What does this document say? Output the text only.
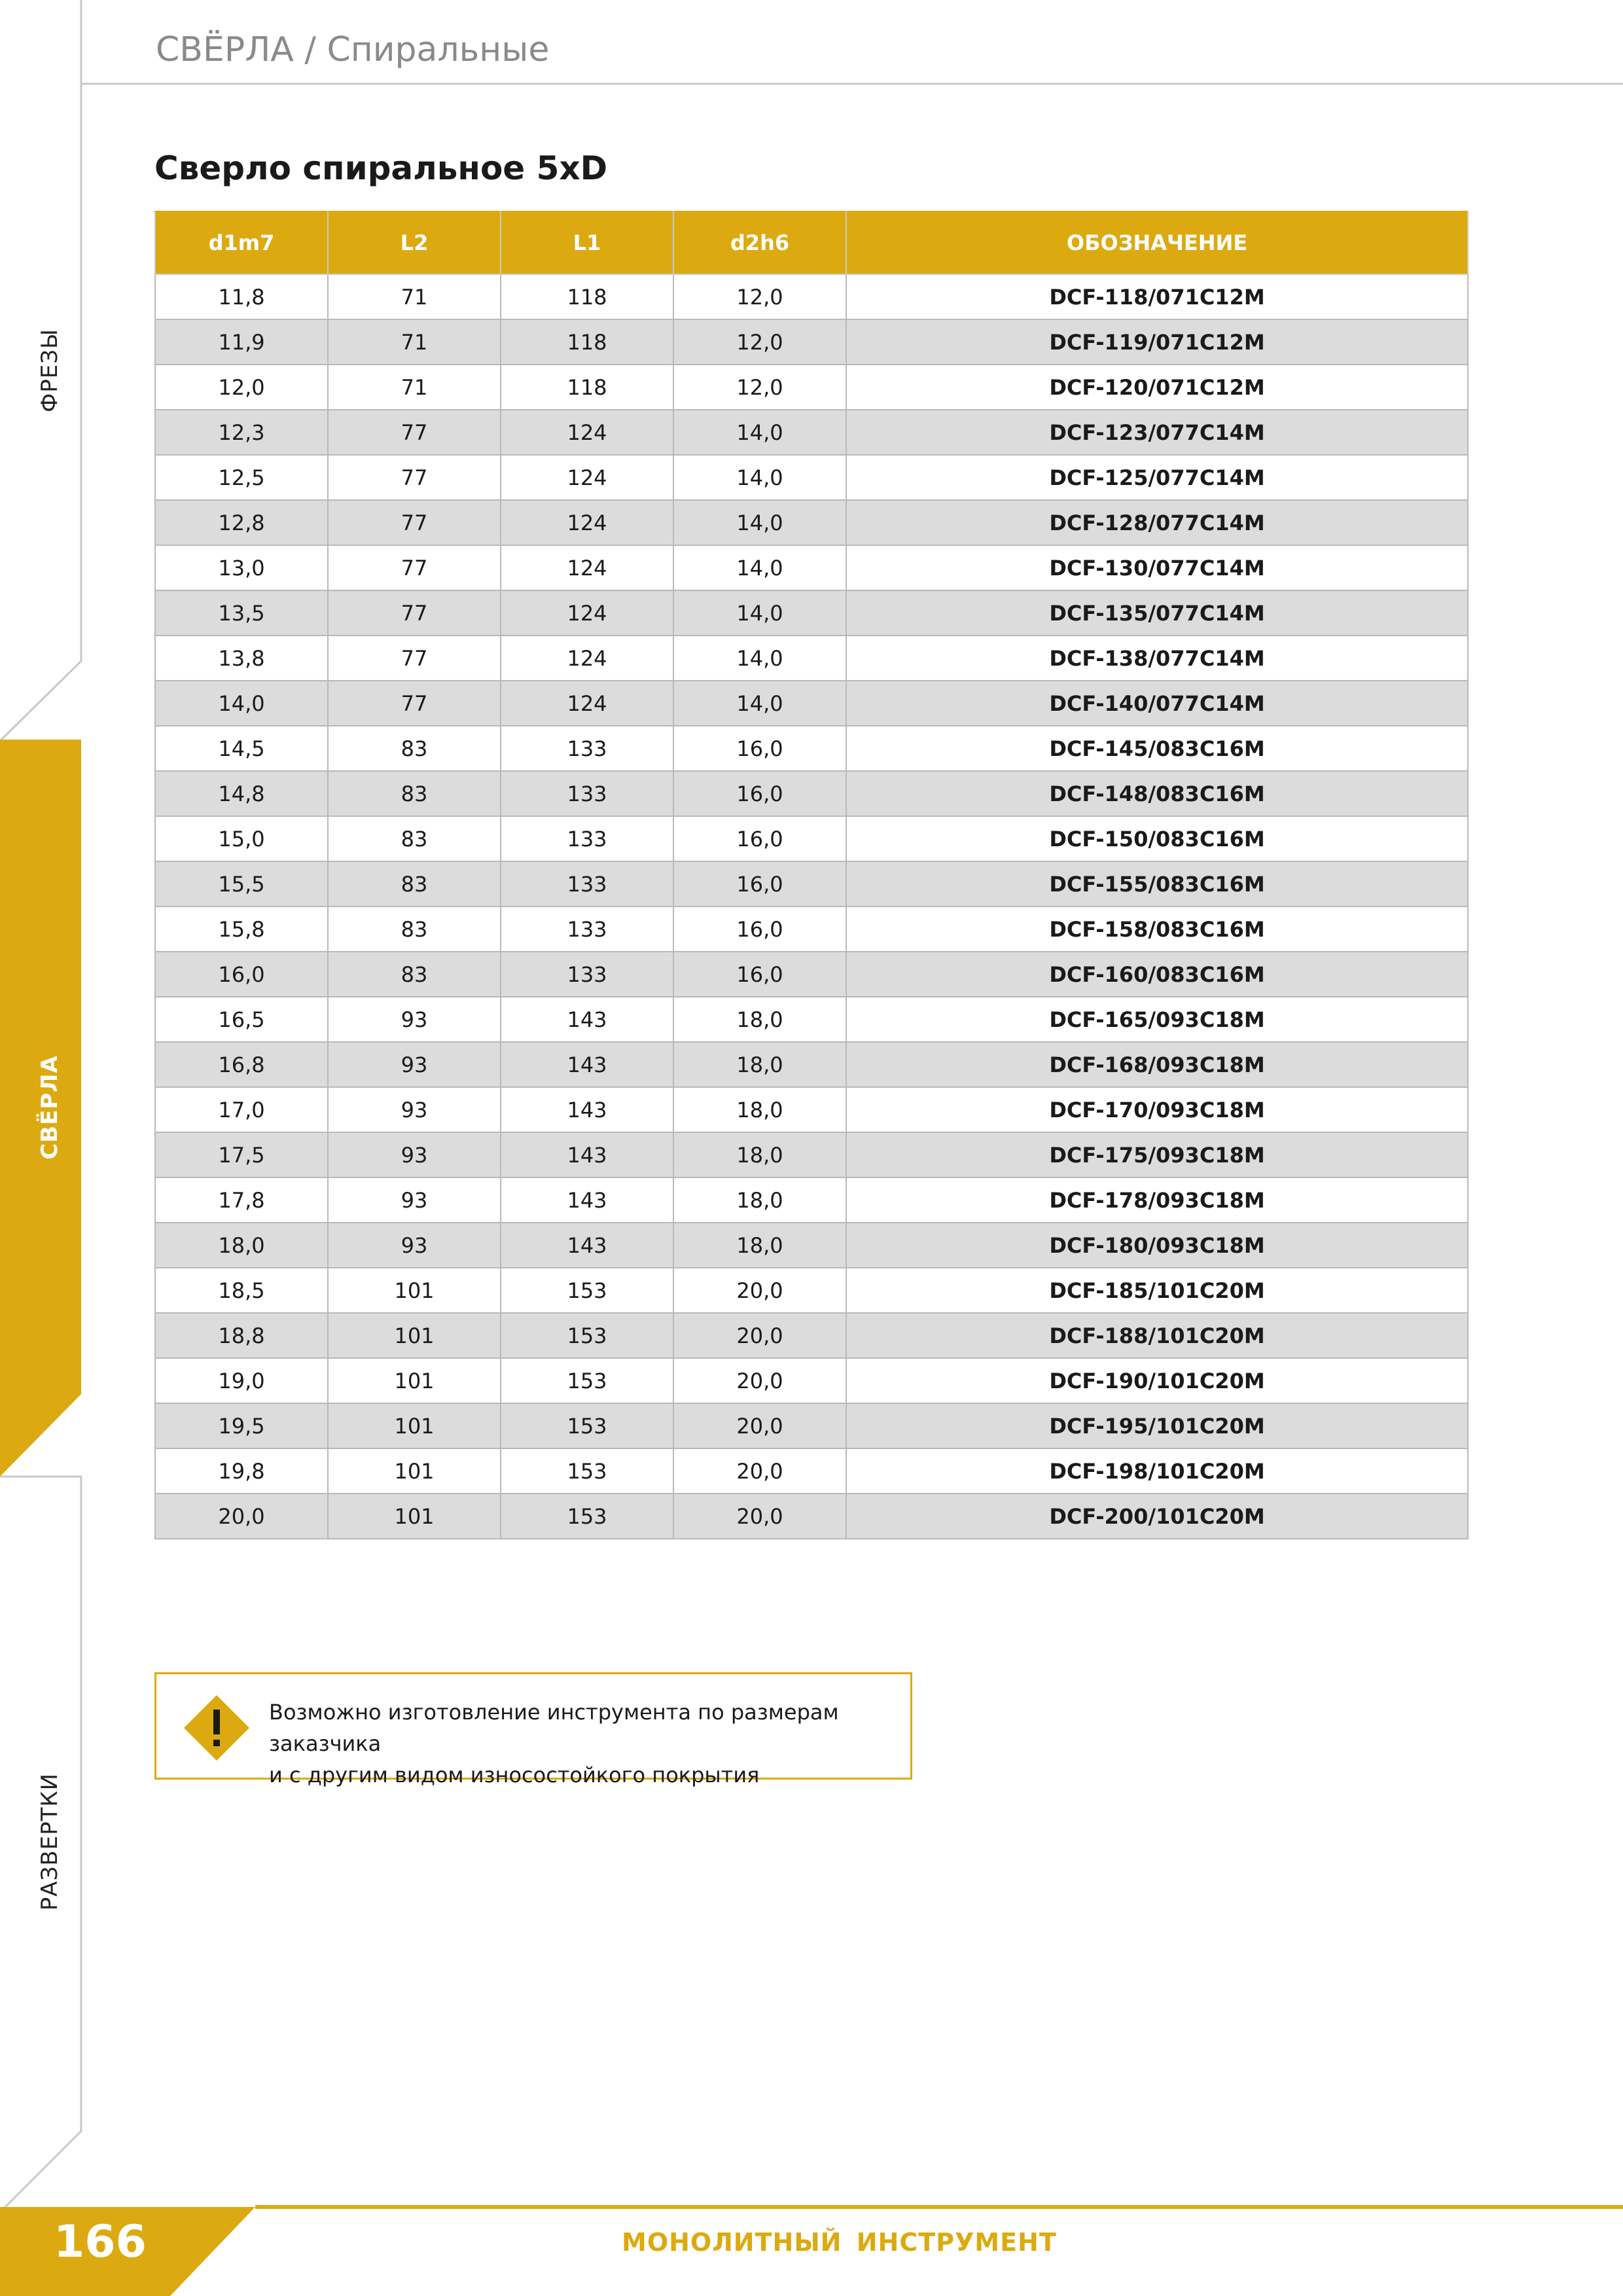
ФРЕЗЫ
СВЁРЛА
РАЗВЕРТКИ
СВЁРЛА / Спиральные
Сверло спиральное 5xD
d1m7	L2	L1	d2h6	ОБОЗНАЧЕНИЕ
11,8	71	118	12,0	DCF-118/071C12M
11,9	71	118	12,0	DCF-119/071C12M
12,0	71	118	12,0	DCF-120/071C12M
12,3	77	124	14,0	DCF-123/077C14M
12,5	77	124	14,0	DCF-125/077C14M
12,8	77	124	14,0	DCF-128/077C14M
13,0	77	124	14,0	DCF-130/077C14M
13,5	77	124	14,0	DCF-135/077C14M
13,8	77	124	14,0	DCF-138/077C14M
14,0	77	124	14,0	DCF-140/077C14M
14,5	83	133	16,0	DCF-145/083C16M
14,8	83	133	16,0	DCF-148/083C16M
15,0	83	133	16,0	DCF-150/083C16M
15,5	83	133	16,0	DCF-155/083C16M
15,8	83	133	16,0	DCF-158/083C16M
16,0	83	133	16,0	DCF-160/083C16M
16,5	93	143	18,0	DCF-165/093C18M
16,8	93	143	18,0	DCF-168/093C18M
17,0	93	143	18,0	DCF-170/093C18M
17,5	93	143	18,0	DCF-175/093C18M
17,8	93	143	18,0	DCF-178/093C18M
18,0	93	143	18,0	DCF-180/093C18M
18,5	101	153	20,0	DCF-185/101C20M
18,8	101	153	20,0	DCF-188/101C20M
19,0	101	153	20,0	DCF-190/101C20M
19,5	101	153	20,0	DCF-195/101C20M
19,8	101	153	20,0	DCF-198/101C20M
20,0	101	153	20,0	DCF-200/101C20M
Возможно изготовление инструмента по размерам заказчика
и с другим видом износостойкого покрытия
166	МОНОЛИТНЫЙ ИНСТРУМЕНТ
